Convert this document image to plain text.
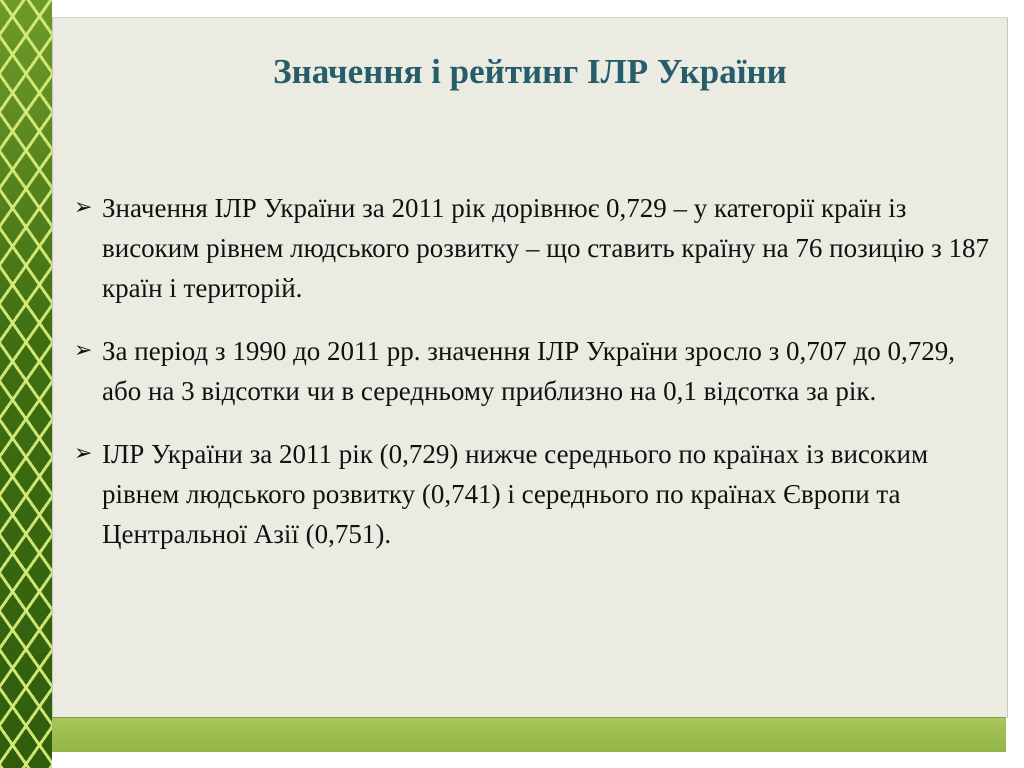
Значення і рейтинг ІЛР України
➢ Значення ІЛР України за 2011 рік дорівнює 0,729 – у категорії країн із високим рівнем людського розвитку – що ставить країну на 76 позицію з 187 країн і територій.
➢ За період з 1990 до 2011 рр. значення ІЛР України зросло з 0,707 до 0,729, або на 3 відсотки чи в середньому приблизно на 0,1 відсотка за рік.
➢ ІЛР України за 2011 рік (0,729) нижче середнього по країнах із високим рівнем людського розвитку (0,741) і середнього по країнах Європи та Центральної Азії (0,751).
